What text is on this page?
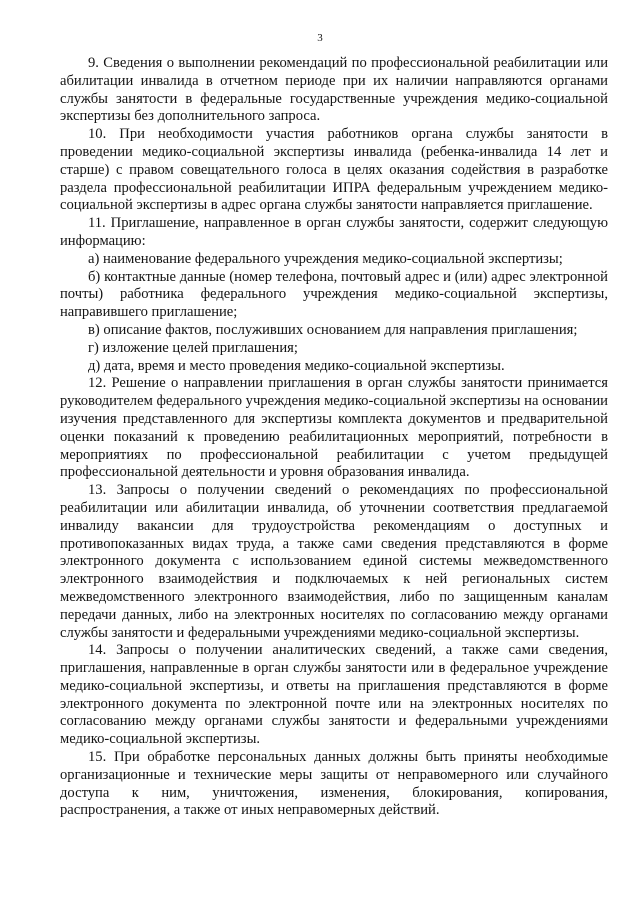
3

9. Сведения о выполнении рекомендаций по профессиональной реабилитации или абилитации инвалида в отчетном периоде при их наличии направляются органами службы занятости в федеральные государственные учреждения медико-социальной экспертизы без дополнительного запроса.

10. При необходимости участия работников органа службы занятости в проведении медико-социальной экспертизы инвалида (ребенка-инвалида 14 лет и старше) с правом совещательного голоса в целях оказания содействия в разработке раздела профессиональной реабилитации ИПРА федеральным учреждением медико-социальной экспертизы в адрес органа службы занятости направляется приглашение.

11. Приглашение, направленное в орган службы занятости, содержит следующую информацию:

а) наименование федерального учреждения медико-социальной экспертизы;

б) контактные данные (номер телефона, почтовый адрес и (или) адрес электронной почты) работника федерального учреждения медико-социальной экспертизы, направившего приглашение;

в) описание фактов, послуживших основанием для направления приглашения;

г) изложение целей приглашения;

д) дата, время и место проведения медико-социальной экспертизы.

12. Решение о направлении приглашения в орган службы занятости принимается руководителем федерального учреждения медико-социальной экспертизы на основании изучения представленного для экспертизы комплекта документов и предварительной оценки показаний к проведению реабилитационных мероприятий, потребности в мероприятиях по профессиональной реабилитации с учетом предыдущей профессиональной деятельности и уровня образования инвалида.

13. Запросы о получении сведений о рекомендациях по профессиональной реабилитации или абилитации инвалида, об уточнении соответствия предлагаемой инвалиду вакансии для трудоустройства рекомендациям о доступных и противопоказанных видах труда, а также сами сведения представляются в форме электронного документа с использованием единой системы межведомственного электронного взаимодействия и подключаемых к ней региональных систем межведомственного электронного взаимодействия, либо по защищенным каналам передачи данных, либо на электронных носителях по согласованию между органами службы занятости и федеральными учреждениями медико-социальной экспертизы.

14. Запросы о получении аналитических сведений, а также сами сведения, приглашения, направленные в орган службы занятости или в федеральное учреждение медико-социальной экспертизы, и ответы на приглашения представляются в форме электронного документа по электронной почте или на электронных носителях по согласованию между органами службы занятости и федеральными учреждениями медико-социальной экспертизы.

15. При обработке персональных данных должны быть приняты необходимые организационные и технические меры защиты от неправомерного или случайного доступа к ним, уничтожения, изменения, блокирования, копирования, распространения, а также от иных неправомерных действий.
